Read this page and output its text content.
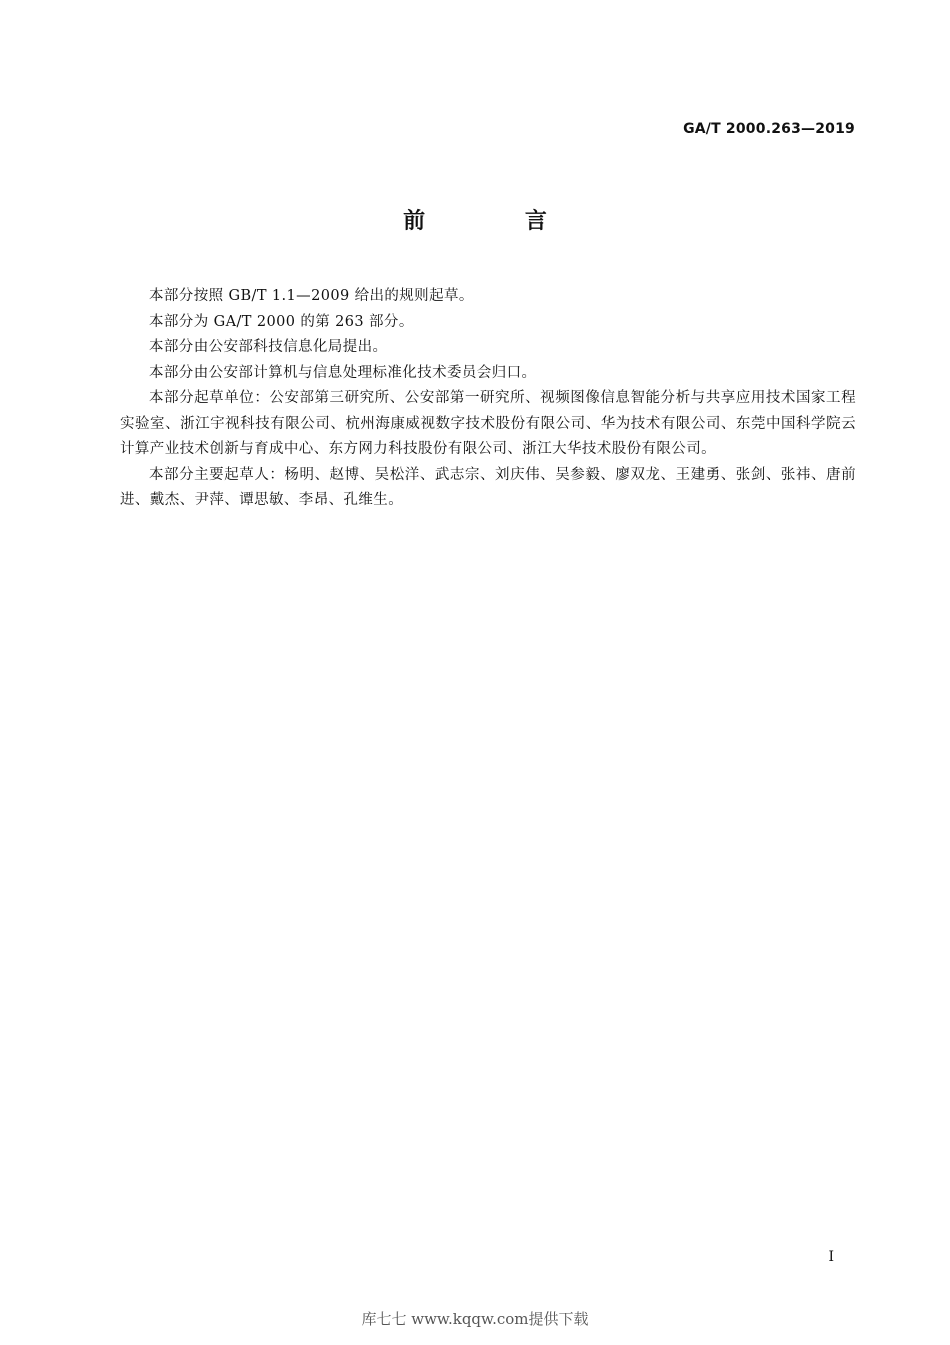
GA/T 2000.263—2019
前 言

本部分按照 GB/T 1.1—2009 给出的规则起草。

本部分为 GA/T 2000 的第 263 部分。

本部分由公安部科技信息化局提出。

本部分由公安部计算机与信息处理标准化技术委员会归口。

本部分起草单位：公安部第三研究所、公安部第一研究所、视频图像信息智能分析与共享应用技术国家工程实验室、浙江宇视科技有限公司、杭州海康威视数字技术股份有限公司、华为技术有限公司、东莞中国科学院云计算产业技术创新与育成中心、东方网力科技股份有限公司、浙江大华技术股份有限公司。

本部分主要起草人：杨明、赵博、吴松洋、武志宗、刘庆伟、吴参毅、廖双龙、王建勇、张剑、张祎、唐前进、戴杰、尹萍、谭思敏、李昂、孔维生。

I
库七七 www.kqqw.com提供下载
